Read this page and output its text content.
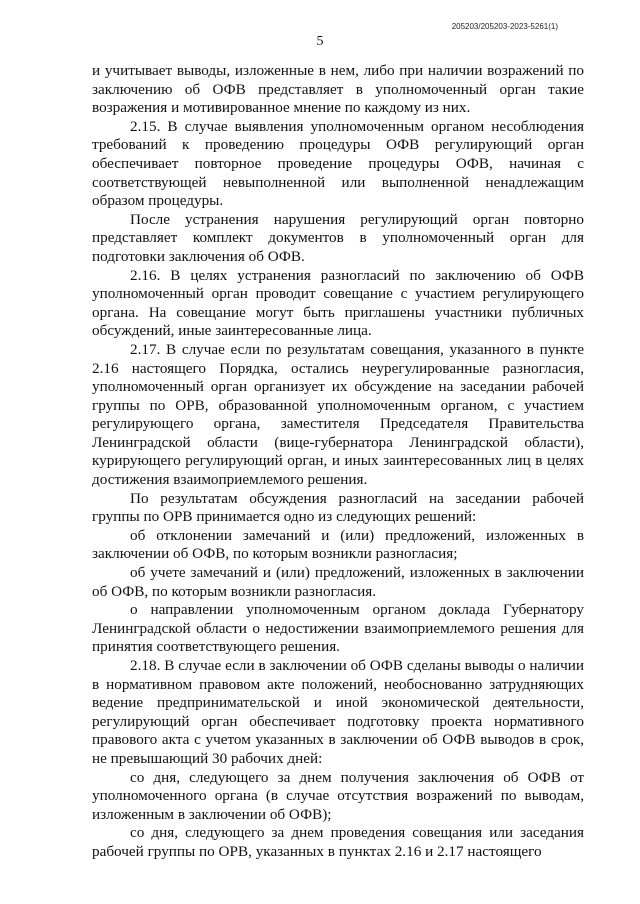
205203/205203-2023-5261(1)
5

и учитывает выводы, изложенные в нем, либо при наличии возражений по заключению об ОФВ представляет в уполномоченный орган такие возражения и мотивированное мнение по каждому из них.

2.15. В случае выявления уполномоченным органом несоблюдения требований к проведению процедуры ОФВ регулирующий орган обеспечивает повторное проведение процедуры ОФВ, начиная с соответствующей невыполненной или выполненной ненадлежащим образом процедуры.

После устранения нарушения регулирующий орган повторно представляет комплект документов в уполномоченный орган для подготовки заключения об ОФВ.

2.16. В целях устранения разногласий по заключению об ОФВ уполномоченный орган проводит совещание с участием регулирующего органа. На совещание могут быть приглашены участники публичных обсуждений, иные заинтересованные лица.

2.17. В случае если по результатам совещания, указанного в пункте 2.16 настоящего Порядка, остались неурегулированные разногласия, уполномоченный орган организует их обсуждение на заседании рабочей группы по ОРВ, образованной уполномоченным органом, с участием регулирующего органа, заместителя Председателя Правительства Ленинградской области (вице-губернатора Ленинградской области), курирующего регулирующий орган, и иных заинтересованных лиц в целях достижения взаимоприемлемого решения.

По результатам обсуждения разногласий на заседании рабочей группы по ОРВ принимается одно из следующих решений:

об отклонении замечаний и (или) предложений, изложенных в заключении об ОФВ, по которым возникли разногласия;

об учете замечаний и (или) предложений, изложенных в заключении об ОФВ, по которым возникли разногласия.

о направлении уполномоченным органом доклада Губернатору Ленинградской области о недостижении взаимоприемлемого решения для принятия соответствующего решения.

2.18. В случае если в заключении об ОФВ сделаны выводы о наличии в нормативном правовом акте положений, необоснованно затрудняющих ведение предпринимательской и иной экономической деятельности, регулирующий орган обеспечивает подготовку проекта нормативного правового акта с учетом указанных в заключении об ОФВ выводов в срок, не превышающий 30 рабочих дней:

со дня, следующего за днем получения заключения об ОФВ от уполномоченного органа (в случае отсутствия возражений по выводам, изложенным в заключении об ОФВ);

со дня, следующего за днем проведения совещания или заседания рабочей группы по ОРВ, указанных в пунктах 2.16 и 2.17 настоящего
